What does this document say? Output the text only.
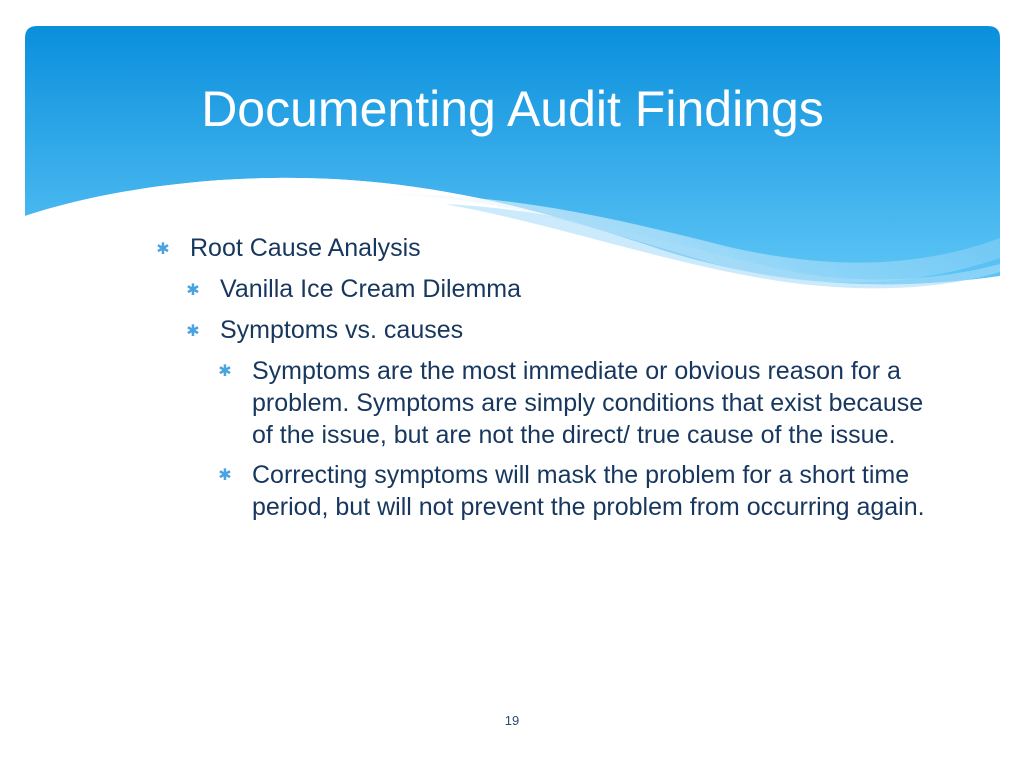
Documenting Audit Findings
✱ Root Cause Analysis
✱ Vanilla Ice Cream Dilemma
✱ Symptoms vs. causes
✱ Symptoms are the most immediate or obvious reason for a problem. Symptoms are simply conditions that exist because of the issue, but are not the direct/ true cause of the issue.
✱ Correcting symptoms will mask the problem for a short time period, but will not prevent the problem from occurring again.
19
